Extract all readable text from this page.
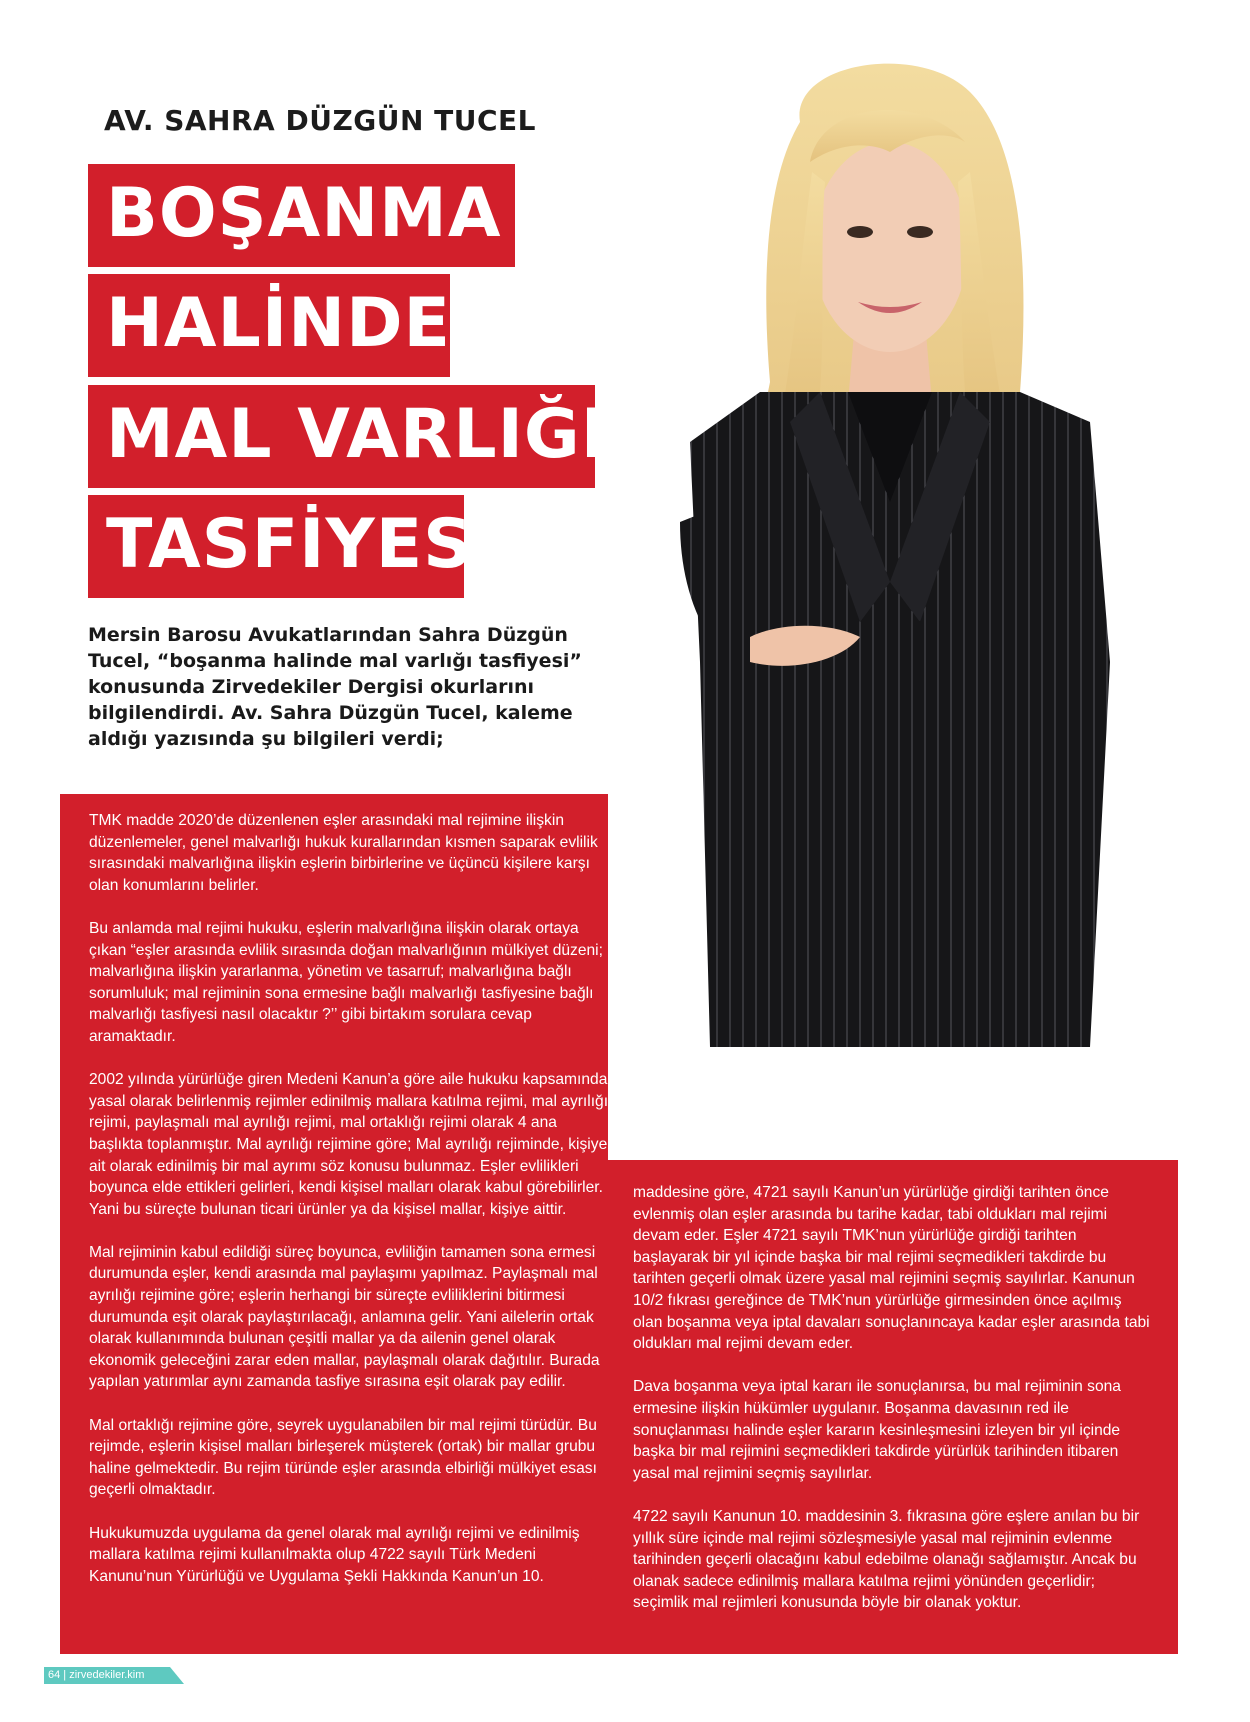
AV. SAHRA DÜZGÜN TUCEL
BOŞANMA
HALİNDE
MAL VARLIĞI
TASFİYESİ
Mersin Barosu Avukatlarından Sahra Düzgün Tucel, “boşanma halinde mal varlığı tasfiyesi” konusunda Zirvedekiler Dergisi okurlarını bilgilendirdi. Av. Sahra Düzgün Tucel, kaleme aldığı yazısında şu bilgileri verdi;

TMK madde 2020’de düzenlenen eşler arasındaki mal rejimine ilişkin düzenlemeler, genel malvarlığı hukuk kurallarından kısmen saparak evlilik sırasındaki malvarlığına ilişkin eşlerin birbirlerine ve üçüncü kişilere karşı olan konumlarını belirler.

Bu anlamda mal rejimi hukuku, eşlerin malvarlığına ilişkin olarak ortaya çıkan “eşler arasında evlilik sırasında doğan malvarlığının mülkiyet düzeni; malvarlığına ilişkin yararlanma, yönetim ve tasarruf; malvarlığına bağlı sorumluluk; mal rejiminin sona ermesine bağlı malvarlığı tasfiyesine bağlı malvarlığı tasfiyesi nasıl olacaktır ?’’ gibi birtakım sorulara cevap aramaktadır.

2002 yılında yürürlüğe giren Medeni Kanun’a göre aile hukuku kapsamında yasal olarak belirlenmiş rejimler edinilmiş mallara katılma rejimi, mal ayrılığı rejimi, paylaşmalı mal ayrılığı rejimi, mal ortaklığı rejimi olarak 4 ana başlıkta toplanmıştır. Mal ayrılığı rejimine göre; Mal ayrılığı rejiminde, kişiye ait olarak edinilmiş bir mal ayrımı söz konusu bulunmaz. Eşler evlilikleri boyunca elde ettikleri gelirleri, kendi kişisel malları olarak kabul görebilirler. Yani bu süreçte bulunan ticari ürünler ya da kişisel mallar, kişiye aittir.

Mal rejiminin kabul edildiği süreç boyunca, evliliğin tamamen sona ermesi durumunda eşler, kendi arasında mal paylaşımı yapılmaz. Paylaşmalı mal ayrılığı rejimine göre; eşlerin herhangi bir süreçte evliliklerini bitirmesi durumunda eşit olarak paylaştırılacağı, anlamına gelir. Yani ailelerin ortak olarak kullanımında bulunan çeşitli mallar ya da ailenin genel olarak ekonomik geleceğini zarar eden mallar, paylaşmalı olarak dağıtılır. Burada yapılan yatırımlar aynı zamanda tasfiye sırasına eşit olarak pay edilir.

Mal ortaklığı rejimine göre, seyrek uygulanabilen bir mal rejimi türüdür. Bu rejimde, eşlerin kişisel malları birleşerek müşterek (ortak) bir mallar grubu haline gelmektedir. Bu rejim türünde eşler arasında elbirliği mülkiyet esası geçerli olmaktadır.

Hukukumuzda uygulama da genel olarak mal ayrılığı rejimi ve edinilmiş mallara katılma rejimi kullanılmakta olup 4722 sayılı Türk Medeni Kanunu’nun Yürürlüğü ve Uygulama Şekli Hakkında Kanun’un 10.

maddesine göre, 4721 sayılı Kanun’un yürürlüğe girdiği tarihten önce evlenmiş olan eşler arasında bu tarihe kadar, tabi oldukları mal rejimi devam eder. Eşler 4721 sayılı TMK’nun yürürlüğe girdiği tarihten başlayarak bir yıl içinde başka bir mal rejimi seçmedikleri takdirde bu tarihten geçerli olmak üzere yasal mal rejimini seçmiş sayılırlar. Kanunun 10/2 fıkrası gereğince de TMK’nun yürürlüğe girmesinden önce açılmış olan boşanma veya iptal davaları sonuçlanıncaya kadar eşler arasında tabi oldukları mal rejimi devam eder.

Dava boşanma veya iptal kararı ile sonuçlanırsa, bu mal rejiminin sona ermesine ilişkin hükümler uygulanır. Boşanma davasının red ile sonuçlanması halinde eşler kararın kesinleşmesini izleyen bir yıl içinde başka bir mal rejimini seçmedikleri takdirde yürürlük tarihinden itibaren yasal mal rejimini seçmiş sayılırlar.

4722 sayılı Kanunun 10. maddesinin 3. fıkrasına göre eşlere anılan bu bir yıllık süre içinde mal rejimi sözleşmesiyle yasal mal rejiminin evlenme tarihinden geçerli olacağını kabul edebilme olanağı sağlamıştır. Ancak bu olanak sadece edinilmiş mallara katılma rejimi yönünden geçerlidir; seçimlik mal rejimleri konusunda böyle bir olanak yoktur.

64 | zirvedekiler.kim
